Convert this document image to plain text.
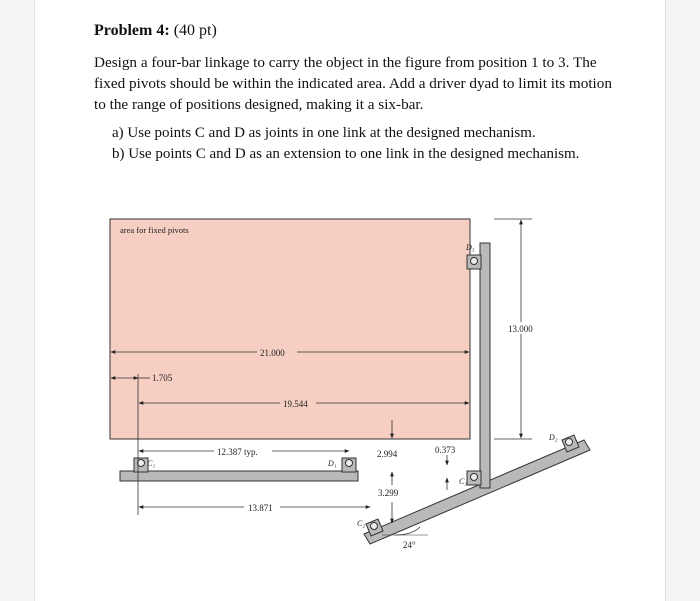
Problem 4: (40 pt)
Design a four-bar linkage to carry the object in the figure from position 1 to 3. The fixed pivots should be within the indicated area. Add a driver dyad to limit its motion to the range of positions designed, making it a six-bar.
a) Use points C and D as joints in one link at the designed mechanism.
b) Use points C and D as an extension to one link in the designed mechanism.
area for fixed pivots
C₁	D₁
C₂
D₂
D₃
C₃
21.000
1.705
19.544
12.387 typ.
13.871
2.994	0.373
3.299
13.000
24°
